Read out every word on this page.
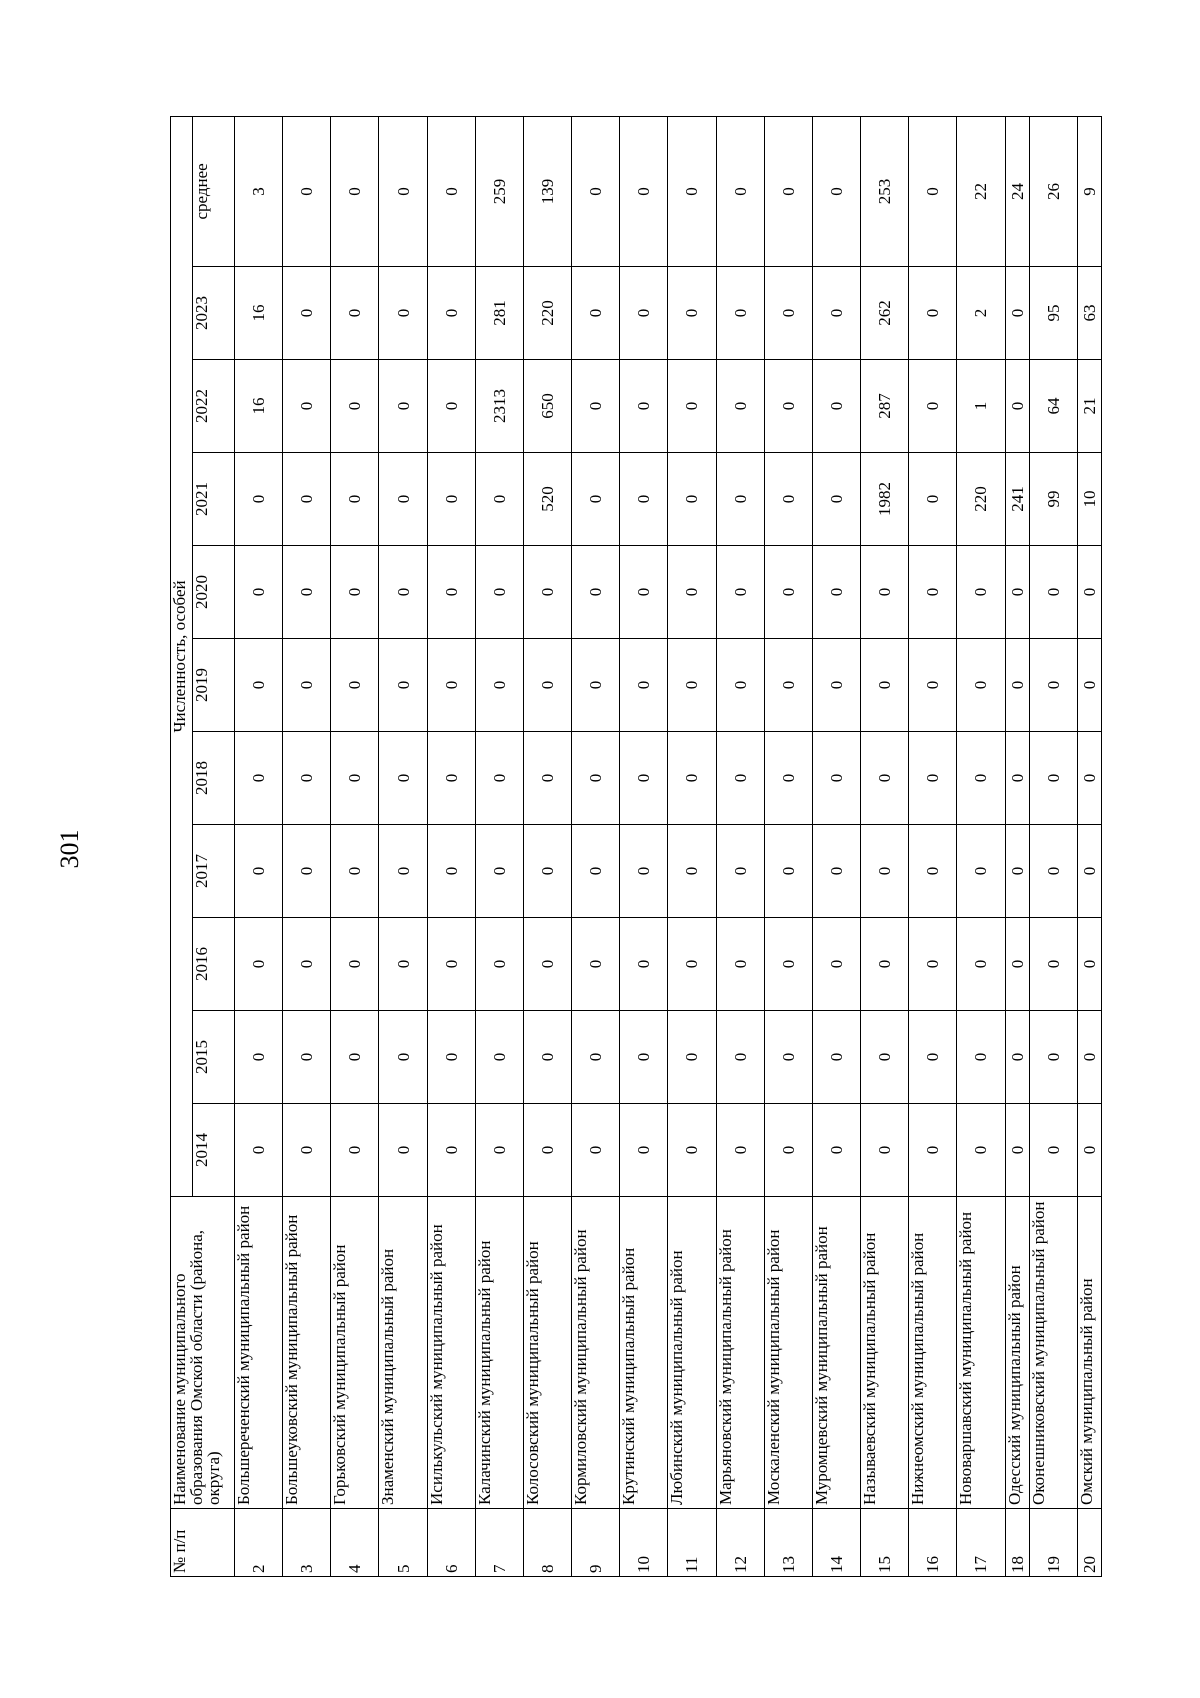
301
№ п/п	Наименование муниципального образования Омской области (района, округа)	Численность, особей										
		2014	2015	2016	2017	2018	2019	2020	2021	2022	2023	среднее
2	Большереченский муниципальный район	0	0	0	0	0	0	0	0	16	16	3
3	Большеуковский муниципальный район	0	0	0	0	0	0	0	0	0	0	0
4	Горьковский муниципальный район	0	0	0	0	0	0	0	0	0	0	0
5	Знаменский муниципальный район	0	0	0	0	0	0	0	0	0	0	0
6	Исилькульский муниципальный район	0	0	0	0	0	0	0	0	0	0	0
7	Калачинский муниципальный район	0	0	0	0	0	0	0	0	2313	281	259
8	Колосовский муниципальный район	0	0	0	0	0	0	0	520	650	220	139
9	Кормиловский муниципальный район	0	0	0	0	0	0	0	0	0	0	0
10	Крутинский муниципальный район	0	0	0	0	0	0	0	0	0	0	0
11	Любинский муниципальный район	0	0	0	0	0	0	0	0	0	0	0
12	Марьяновский муниципальный район	0	0	0	0	0	0	0	0	0	0	0
13	Москаленский муниципальный район	0	0	0	0	0	0	0	0	0	0	0
14	Муромцевский муниципальный район	0	0	0	0	0	0	0	0	0	0	0
15	Называевский муниципальный район	0	0	0	0	0	0	0	1982	287	262	253
16	Нижнеомский муниципальный район	0	0	0	0	0	0	0	0	0	0	0
17	Нововаршавский муниципальный район	0	0	0	0	0	0	0	220	1	2	22
18	Одесский муниципальный район	0	0	0	0	0	0	0	241	0	0	24
19	Оконешниковский муниципальный район	0	0	0	0	0	0	0	99	64	95	26
20	Омский муниципальный район	0	0	0	0	0	0	0	10	21	63	9
